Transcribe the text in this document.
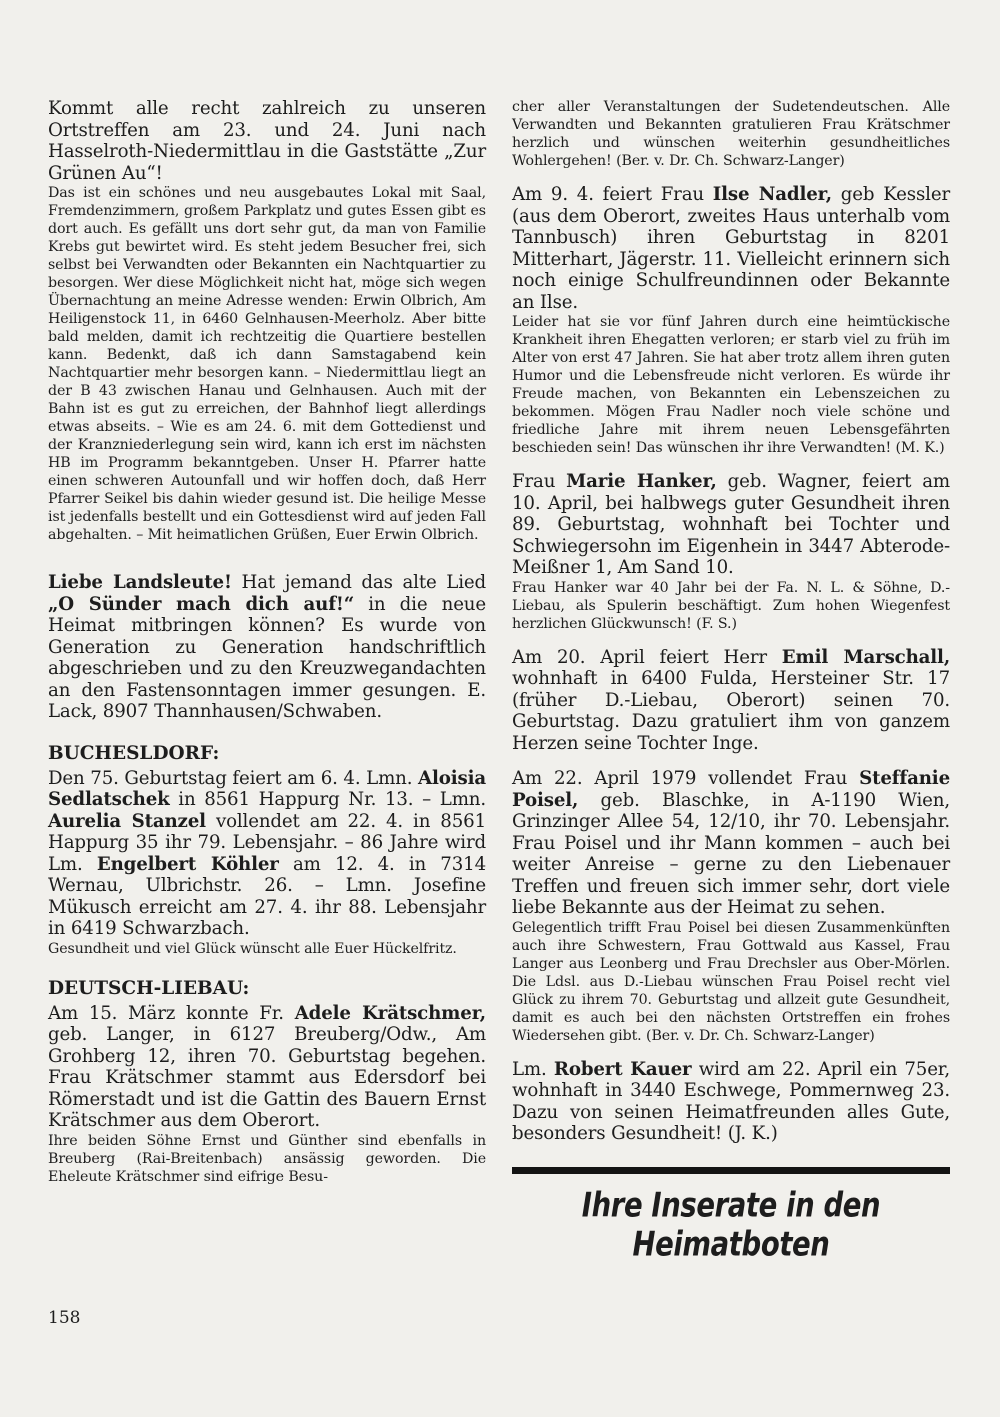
Kommt alle recht zahlreich zu unseren Ortstreffen am 23. und 24. Juni nach Hasselroth-Niedermittlau in die Gaststätte „Zur Grünen Au“!

Das ist ein schönes und neu ausgebautes Lokal mit Saal, Fremdenzimmern, großem Parkplatz und gutes Essen gibt es dort auch. Es gefällt uns dort sehr gut, da man von Familie Krebs gut bewirtet wird. Es steht jedem Besucher frei, sich selbst bei Verwandten oder Bekannten ein Nachtquartier zu besorgen. Wer diese Möglichkeit nicht hat, möge sich wegen Übernachtung an meine Adresse wenden: Erwin Olbrich, Am Heiligenstock 11, in 6460 Gelnhausen-Meerholz. Aber bitte bald melden, damit ich rechtzeitig die Quartiere bestellen kann. Bedenkt, daß ich dann Samstagabend kein Nachtquartier mehr besorgen kann. – Niedermittlau liegt an der B 43 zwischen Hanau und Gelnhausen. Auch mit der Bahn ist es gut zu erreichen, der Bahnhof liegt allerdings etwas abseits. – Wie es am 24. 6. mit dem Gottedienst und der Kranzniederlegung sein wird, kann ich erst im nächsten HB im Programm bekanntgeben. Unser H. Pfarrer hatte einen schweren Autounfall und wir hoffen doch, daß Herr Pfarrer Seikel bis dahin wieder gesund ist. Die heilige Messe ist jedenfalls bestellt und ein Gottesdienst wird auf jeden Fall abgehalten. – Mit heimatlichen Grüßen, Euer Erwin Olbrich.

Liebe Landsleute! Hat jemand das alte Lied „O Sünder mach dich auf!“ in die neue Heimat mitbringen können? Es wurde von Generation zu Generation handschriftlich abgeschrieben und zu den Kreuzwegandachten an den Fastensonntagen immer gesungen. E. Lack, 8907 Thannhausen/Schwaben.

BUCHESLDORF:

Den 75. Geburtstag feiert am 6. 4. Lmn. Aloisia Sedlatschek in 8561 Happurg Nr. 13. – Lmn. Aurelia Stanzel vollendet am 22. 4. in 8561 Happurg 35 ihr 79. Lebensjahr. – 86 Jahre wird Lm. Engelbert Köhler am 12. 4. in 7314 Wernau, Ulbrichstr. 26. – Lmn. Josefine Mükusch erreicht am 27. 4. ihr 88. Lebensjahr in 6419 Schwarzbach.

Gesundheit und viel Glück wünscht alle Euer Hückelfritz.

DEUTSCH-LIEBAU:

Am 15. März konnte Fr. Adele Krätschmer, geb. Langer, in 6127 Breuberg/Odw., Am Grohberg 12, ihren 70. Geburtstag begehen. Frau Krätschmer stammt aus Edersdorf bei Römerstadt und ist die Gattin des Bauern Ernst Krätschmer aus dem Oberort.

Ihre beiden Söhne Ernst und Günther sind ebenfalls in Breuberg (Rai-Breitenbach) ansässig geworden. Die Eheleute Krätschmer sind eifrige Besu-

cher aller Veranstaltungen der Sudetendeutschen. Alle Verwandten und Bekannten gratulieren Frau Krätschmer herzlich und wünschen weiterhin gesundheitliches Wohlergehen! (Ber. v. Dr. Ch. Schwarz-Langer)

Am 9. 4. feiert Frau Ilse Nadler, geb Kessler (aus dem Oberort, zweites Haus unterhalb vom Tannbusch) ihren Geburtstag in 8201 Mitterhart, Jägerstr. 11. Vielleicht erinnern sich noch einige Schulfreundinnen oder Bekannte an Ilse.

Leider hat sie vor fünf Jahren durch eine heimtückische Krankheit ihren Ehegatten verloren; er starb viel zu früh im Alter von erst 47 Jahren. Sie hat aber trotz allem ihren guten Humor und die Lebensfreude nicht verloren. Es würde ihr Freude machen, von Bekannten ein Lebenszeichen zu bekommen. Mögen Frau Nadler noch viele schöne und friedliche Jahre mit ihrem neuen Lebensgefährten beschieden sein! Das wünschen ihr ihre Verwandten! (M. K.)

Frau Marie Hanker, geb. Wagner, feiert am 10. April, bei halbwegs guter Gesundheit ihren 89. Geburtstag, wohnhaft bei Tochter und Schwiegersohn im Eigenhein in 3447 Abterode-Meißner 1, Am Sand 10.

Frau Hanker war 40 Jahr bei der Fa. N. L. & Söhne, D.-Liebau, als Spulerin beschäftigt. Zum hohen Wiegenfest herzlichen Glückwunsch! (F. S.)

Am 20. April feiert Herr Emil Marschall, wohnhaft in 6400 Fulda, Hersteiner Str. 17 (früher D.-Liebau, Oberort) seinen 70. Geburtstag. Dazu gratuliert ihm von ganzem Herzen seine Tochter Inge.

Am 22. April 1979 vollendet Frau Steffanie Poisel, geb. Blaschke, in A-1190 Wien, Grinzinger Allee 54, 12/10, ihr 70. Lebensjahr. Frau Poisel und ihr Mann kommen – auch bei weiter Anreise – gerne zu den Liebenauer Treffen und freuen sich immer sehr, dort viele liebe Bekannte aus der Heimat zu sehen.

Gelegentlich trifft Frau Poisel bei diesen Zusammenkünften auch ihre Schwestern, Frau Gottwald aus Kassel, Frau Langer aus Leonberg und Frau Drechsler aus Ober-Mörlen. Die Ldsl. aus D.-Liebau wünschen Frau Poisel recht viel Glück zu ihrem 70. Geburtstag und allzeit gute Gesundheit, damit es auch bei den nächsten Ortstreffen ein frohes Wiedersehen gibt. (Ber. v. Dr. Ch. Schwarz-Langer)

Lm. Robert Kauer wird am 22. April ein 75er, wohnhaft in 3440 Eschwege, Pommernweg 23. Dazu von seinen Heimatfreunden alles Gute, besonders Gesundheit! (J. K.)

Ihre Inserate in den Heimatboten
158
